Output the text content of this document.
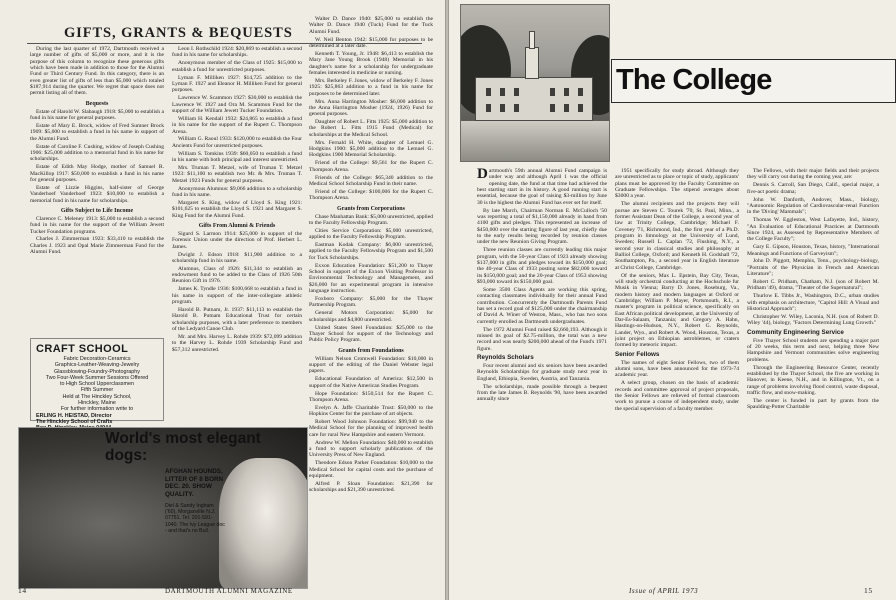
GIFTS, GRANTS & BEQUESTS

During the last quarter of 1972, Dartmouth received a large number of gifts of $5,000 or more, and it is the purpose of this column to recognize these generous gifts which have been made in addition to those for the Alumni Fund or Third Century Fund. In this category, there is an even greater list of gifts of less than $5,000 which totaled $187,914 during the quarter. We regret that space does not permit listing all of them.

Bequests

Estate of Harold W. Slabaugh 1918: $5,000 to establish a fund in his name for general purposes.

Estate of Mary E. Brock, widow of Fred Sumner Brock 1909: $5,000 to establish a fund in his name in support of the Alumni Fund.

Estate of Caroline F. Cushing, widow of Joseph Cushing 1906: $25,000 addition to a memorial fund in his name for scholarships.

Estate of Edith May Hodge, mother of Samuel R. MacKillop 1917: $50,000 to establish a fund in his name for general purposes.

Estate of Lizzie Higgins, half-sister of George Vanderhoef Vanderhoef 1923: $10,000 to establish a memorial fund in his name for scholarships.

Gifts Subject to Life Income

Clarence C. Meleney 1913: $5,000 to establish a second fund in his name for the support of the William Jewett Tucker Foundation programs.

Charles J. Zimmerman 1923: $33,410 to establish the Charles J. 1923 and Opal Marie Zimmerman Fund for the Alumni Fund.

CRAFT SCHOOL
Fabric Decoration-Ceramics
Graphics-Leather-Weaving-Jewelry
Glassblowing-Foundry-Photography
Two Four-Week Summer Sessions Offered
to High School Upperclassmen
Fifth Summer
Held at The Hinckley School,
Hinckley, Maine
For further information write to
ERLING H. HEISTAD, Director
The Hinckley School of Crafts

Leon I. Rothschild 1924: $20,869 to establish a second fund in his name for scholarships.

Anonymous member of the Class of 1925: $15,000 to establish a fund for unrestricted purposes.

Lyman F. Milliken 1927: $14,725 addition to the Lyman F. 1927 and Eleanor H. Milliken Fund for general purposes.

Lawrence W. Scammon 1927: $30,000 to establish the Lawrence W. 1927 and Ora M. Scammon Fund for the support of the William Jewett Tucker Foundation.

William H. Kendall 1932: $24,865 to establish a fund in his name for the support of the Rupert C. Thompson Arena.

William G. Raoul 1933: $120,000 to establish the Four Ancients Fund for unrestricted purposes.

William S. Tomkins 1939: $60,050 to establish a fund in his name with both principal and interest unrestricted.

Mrs. Truman T. Metzel, wife of Truman T. Metzel 1923: $11,100 to establish two Mr. & Mrs. Truman T. Metzel 1923 Funds for general purposes.

Anonymous Alumnus: $9,066 addition to a scholarship fund in his name.

Margaret S. King, widow of Lloyd S. King 1921: $101,625 to establish the Lloyd S. 1921 and Margaret S. King Fund for the Alumni Fund.

Gifts From Alumni & Friends

Sigurd S. Larmon 1914: $25,000 in support of the Forensic Union under the direction of Prof. Herbert L. James.

Dwight J. Edson 1918: $11,900 addition to a scholarship fund in his name.

Alumnus, Class of 1926: $11,344 to establish an endowment fund to be added to the Class of 1926 50th Reunion Gift in 1976.

James K. Tyndle 1936: $100,668 to establish a fund in his name in support of the inter-collegiate athletic program.

Harold B. Putnam, Jr. 1937: $11,113 to establish the Harold B. Putnam Educational Trust for certain scholarship purposes, with a later preference to members of the Ledyard Canoe Club.

Mr. and Mrs. Harvey L. Rohde 1939: $72,099 addition to the Harvey L. Rohde 1939 Scholarship Fund and $57,312 unrestricted.

Walter D. Dance 1940: $25,000 to establish the Walter D. Dance 1940 (Tuck) Fund for the Tuck Alumni Fund.

W. Neil Benton 1942: $15,000 for purposes to be determined at a later date.

Kenneth T. Young, Jr. 1948: $6,413 to establish the Mary Jane Young Brook (1948) Memorial in his daughter's name for a scholarship for undergraduate females interested in medicine or nursing.

Mrs. Berkeley F. Jones, widow of Berkeley F. Jones 1925: $25,863 addition to a fund in his name for purposes to be determined later.

Mrs. Anna Harrington Mosher: $6,000 addition to the Anna Harrington Mosher (1924, 1926) Fund for general purposes.

Daughter of Robert L. Fitts 1925: $5,000 addition to the Robert L. Fitts 1915 Fund (Medical) for scholarships at the Medical School.

Mrs. Fernald H. White, daughter of Lemuel G. Hodgkins 1900: $5,000 addition to the Lemuel G. Hodgkins 1900 Memorial Scholarship.

Friend of the College: $9,561 for the Rupert C. Thompson Arena.

Friends of the College: $65,340 addition to the Medical School Scholarship Fund in their name.

Friend of the College: $100,006 for the Rupert C. Thompson Arena.

Grants from Corporations

Chase Manhattan Bank: $5,000 unrestricted, applied to the Faculty Fellowship Program.

Cities Service Corporation: $5,000 unrestricted, applied to the Faculty Fellowship Program.

Eastman Kodak Company: $6,000 unrestricted, applied to the Faculty Fellowship Program and $1,500 for Tuck Scholarships.

Exxon Education Foundation: $51,200 to Thayer School in support of the Exxon Visiting Professor in Environmental Technology and Management, and $26,000 for an experimental program in intensive language instruction.

Foxboro Company: $5,000 for the Thayer Partnership Program.

General Motors Corporation: $5,000 for scholarships and $4,800 unrestricted.

United States Steel Foundation: $25,000 to the Thayer School for support of the Technology and Public Policy Program.

Grants from Foundations

William Nelson Cromwell Foundation: $10,000 in support of the editing of the Daniel Webster legal papers.

Educational Foundation of America: $12,500 in support of the Native American Studies Program.

Hope Foundation: $150,514 for the Rupert C. Thompson Arena.

Evelyn A. Jaffe Charitable Trust: $50,000 to the Hopkins Center for the purchase of art objects.

Robert Wood Johnson Foundation: $99,940 to the Medical School for the planning of improved health care for rural New Hampshire and eastern Vermont.

Andrew W. Mellon Foundation: $40,000 to establish a fund to support scholarly publications of the University Press of New England.

Theodore Edson Parker Foundation: $10,000 to the Medical School for capital costs and the purchase of equipment.

Alfred P. Sloan Foundation: $21,390 for scholarships and $21,390 unrestricted.

World's most elegant dogs:
AFGHAN HOUNDS, LITTER OF 8 BORN DEC. 20. SHOW QUALITY.
Diel & Sandy Ingham ('60), Morganville N.J. 07751. Tel. 201-591-1040. The Ivy League doc - and that's no Bull.
14	DARTMOUTH ALUMNI MAGAZINE
The College

Dartmouth's 59th annual Alumni Fund campaign is under way and although April 1 was the official opening date, the fund at that time had achieved the best starting start in its history. A good running start is essential, because the goal of raising $3-million by June 30 is the highest the Alumni Fund has ever set for itself.

By late March, Chairman Norman E. McCulloch '50 was reporting a total of $1,150,000 already in hand from 4100 gifts and pledges. This represented an increase of $450,000 over the starting figure of last year, chiefly due to the early results being recorded by reunion classes under the new Reunion Giving Program.

Three reunion classes are currently leading this major program, with the 50-year Class of 1923 already showing $137,000 in gifts and pledges toward its $150,000 goal; the 40-year Class of 1933 posting some $82,000 toward its $150,000 goal; and the 20-year Class of 1953 showing $93,000 toward its $150,000 goal.

Some 3500 Class Agents are working this spring, contacting classmates individually for their annual Fund contribution. Concurrently the Dartmouth Parents Fund has set a record goal of $125,000 under the chairmanship of David A. Winer of Weston, Mass., who has two sons currently enrolled as Dartmouth undergraduates.

The 1972 Alumni Fund raised $2,660,193. Although it missed its goal of $2.75-million, the total was a new record and was nearly $200,000 ahead of the Fund's 1971 figure.

Reynolds Scholars

Four recent alumni and six seniors have been awarded Reynolds Scholarships for graduate study next year in England, Ethiopia, Sweden, Austria, and Tanzania.

The scholarships, made possible through a bequest from the late James B. Reynolds '90, have been awarded annually since

1951 specifically for study abroad. Although they are unrestricted as to place or topic of study, applicants' plans must be approved by the Faculty Committee on Graduate Fellowships. The stipend averages about $3000 a year.

The alumni recipients and the projects they will pursue are Steven C. Tourek '70, St. Paul, Minn., a former Assistant Dean of the College, a second year of law at Trinity College, Cambridge; Michael F. Coveney '71, Richmond, Ind., the first year of a Ph.D. program in limnology at the University of Lund, Sweden; Russell L. Caplan '72, Flushing, N.Y., a second year in classical studies and philosophy at Balliol College, Oxford; and Kenneth H. Godshall '72, Southampton, Pa., a second year in English literature at Christ College, Cambridge.

Of the seniors, Max L. Epstein, Bay City, Texas, will study orchestral conducting at the Hochschule fur Musik in Vienna; Barry D. Jones, Roseburg, Va., modern history and modern languages at Oxford or Cambridge; William P. Mayer, Portsmouth, R.I., a master's program in political science, specifically on East African political development, at the University of Dar-Es-Salaam, Tanzania; and Gregory A. Hahn, Hastings-on-Hudson, N.Y., Robert G. Reynolds, Lander, Wyo., and Robert A. Wood, Houston, Texas, a joint project on Ethiopian astroblemes, or craters formed by meteoric impact.

Senior Fellows

The names of eight Senior Fellows, two of them alumni sons, have been announced for the 1973-74 academic year.

A select group, chosen on the basis of academic records and committee approval of project proposals, the Senior Fellows are relieved of formal classroom work to pursue a course of independent study, under the special supervision of a faculty member.

The Fellows, with their major fields and their projects they will carry out during the coming year, are:

Dennis S. Carroll, San Diego, Calif., special major, a five-act poetic drama;

John W. Danforth, Andover, Mass., biology, "Autonomic Regulation of Cardiovascular-renal Function in the 'Diving' Mammals";

Thomas W. Eggleston, West Lafayette, Ind., history, "An Evaluation of Educational Practices at Dartmouth Since 1924, as Assessed by Representative Members of the College Faculty";

Gary E. Gipson, Houston, Texas, history, "International Meanings and Functions of Garveyism";

John D. Piggott, Memphis, Tenn., psychology-biology, "Portraits of the Physician in French and American Literature";

Robert C. Pridham, Chatham, N.J. (son of Robert M. Pridham '49), drama, "Theater of the Supernatural";

Thurlow E. Tibbs Jr., Washington, D.C., urban studies with emphasis on architecture, "Capitol Hill: A Visual and Historical Approach";

Christopher W. Wiley, Laconia, N.H. (son of Robert D. Wiley '44), biology, "Factors Determining Lung Growth."

Community Engineering Service

Five Thayer School students are spending a major part of 20 weeks, this term and next, helping three New Hampshire and Vermont communities solve engineering problems.

Through the Engineering Resource Center, recently established by the Thayer School, the five are working in Hanover, in Keene, N.H., and in Killington, Vt., on a range of problems involving flood control, waste disposal, traffic flow, and snow-making.

The center is funded in part by grants from the Spaulding-Potter Charitable

Issue of APRIL 1973	15
